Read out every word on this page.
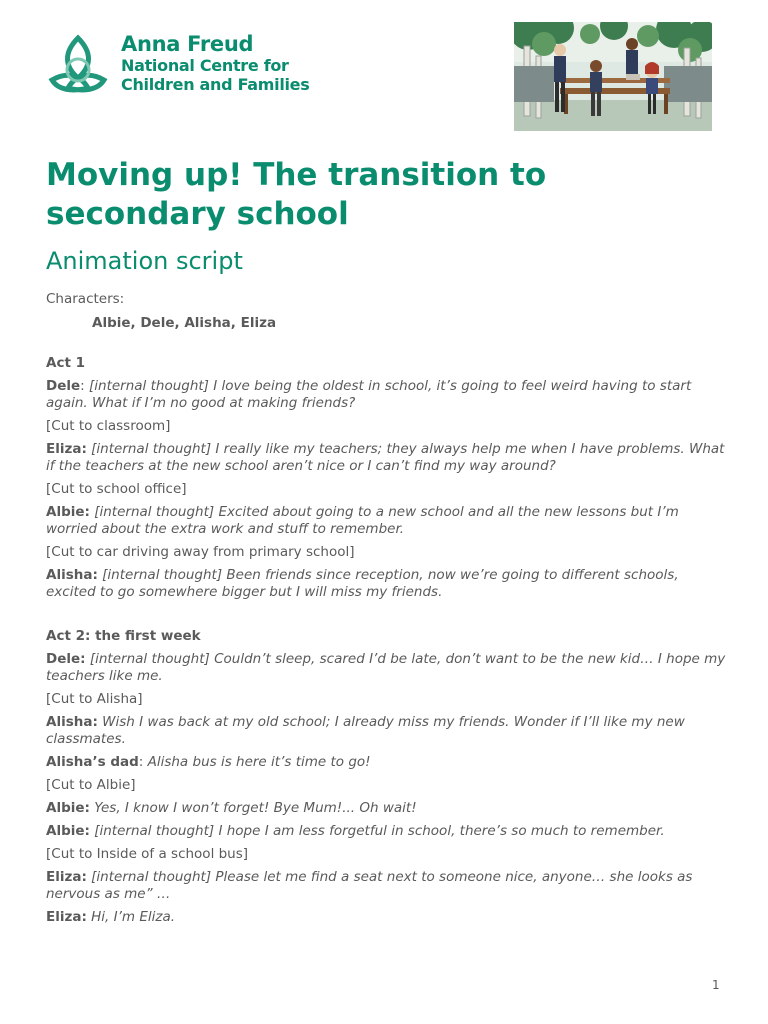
Anna Freud
National Centre for
Children and Families
Moving up! The transition to
secondary school
Animation script
Characters:
Albie, Dele, Alisha, Eliza
Act 1
Dele: [internal thought] I love being the oldest in school, it’s going to feel weird having to start again. What if I’m no good at making friends?
[Cut to classroom]
Eliza: [internal thought] I really like my teachers; they always help me when I have problems. What if the teachers at the new school aren’t nice or I can’t find my way around?
[Cut to school office]
Albie: [internal thought] Excited about going to a new school and all the new lessons but I’m worried about the extra work and stuff to remember.
[Cut to car driving away from primary school]
Alisha: [internal thought] Been friends since reception, now we’re going to different schools, excited to go somewhere bigger but I will miss my friends.
Act 2: the first week
Dele: [internal thought] Couldn’t sleep, scared I’d be late, don’t want to be the new kid… I hope my teachers like me.
[Cut to Alisha]
Alisha: Wish I was back at my old school; I already miss my friends. Wonder if I’ll like my new classmates.
Alisha’s dad: Alisha bus is here it’s time to go!
[Cut to Albie]
Albie: Yes, I know I won’t forget! Bye Mum!... Oh wait!
Albie: [internal thought] I hope I am less forgetful in school, there’s so much to remember.
[Cut to Inside of a school bus]
Eliza: [internal thought] Please let me find a seat next to someone nice, anyone… she looks as nervous as me” …
Eliza: Hi, I’m Eliza.
1
